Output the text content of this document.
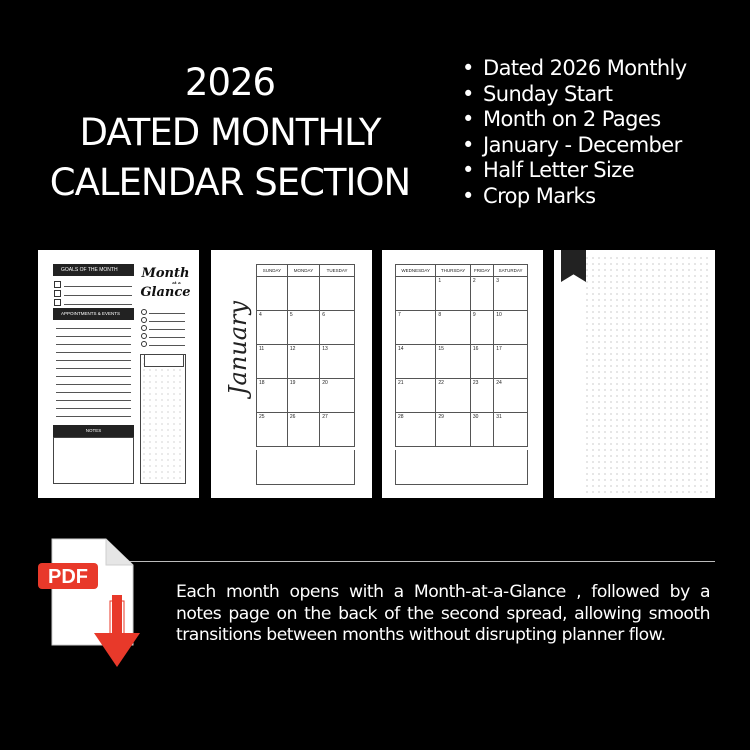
2026
DATED MONTHLY
CALENDAR SECTION
• Dated 2026 Monthly
• Sunday Start
• Month on 2 Pages
• January - December
• Half Letter Size
• Crop Marks
GOALS OF THE MONTH	Month
at a
Glance
APPOINTMENTS & EVENTS
NOTES
January
SUNDAY	MONDAY	TUESDAY

4	5	6
11	12	13
18	19	20
25	26	27
WEDNESDAY	THURSDAY	FRIDAY	SATURDAY
	1	2	3
7	8	9	10
14	15	16	17
21	22	23	24
28	29	30	31
PDF
Each month opens with a Month-at-a-Glance , followed by a notes page on the back of the second spread, allowing smooth transitions between months without disrupting planner flow.
